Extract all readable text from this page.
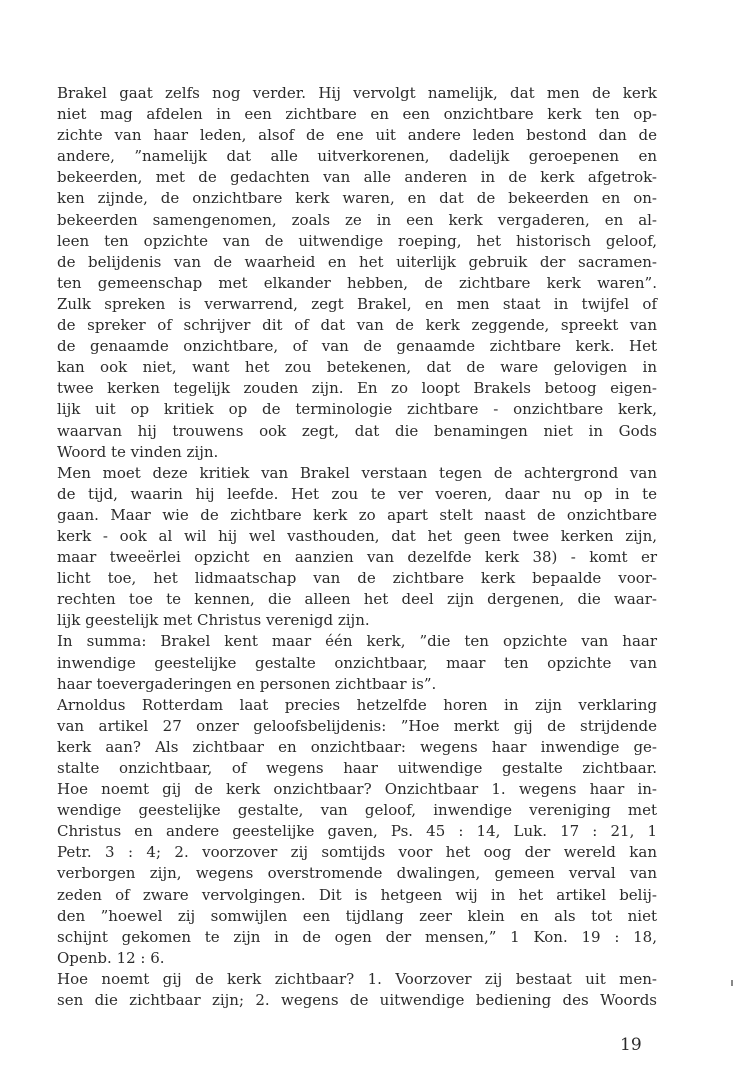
Brakel gaat zelfs nog verder. Hij vervolgt namelijk, dat men de kerk

niet mag afdelen in een zichtbare en een onzichtbare kerk ten op-

zichte van haar leden, alsof de ene uit andere leden bestond dan de

andere, ”namelijk dat alle uitverkorenen, dadelijk geroepenen en

bekeerden, met de gedachten van alle anderen in de kerk afgetrok-

ken zijnde, de onzichtbare kerk waren, en dat de bekeerden en on-

bekeerden samengenomen, zoals ze in een kerk vergaderen, en al-

leen ten opzichte van de uitwendige roeping, het historisch geloof,

de belijdenis van de waarheid en het uiterlijk gebruik der sacramen-

ten gemeenschap met elkander hebben, de zichtbare kerk waren”.

Zulk spreken is verwarrend, zegt Brakel, en men staat in twijfel of

de spreker of schrijver dit of dat van de kerk zeggende, spreekt van

de genaamde onzichtbare, of van de genaamde zichtbare kerk. Het

kan ook niet, want het zou betekenen, dat de ware gelovigen in

twee kerken tegelijk zouden zijn. En zo loopt Brakels betoog eigen-

lijk uit op kritiek op de terminologie zichtbare - onzichtbare kerk,

waarvan hij trouwens ook zegt, dat die benamingen niet in Gods

Woord te vinden zijn.

Men moet deze kritiek van Brakel verstaan tegen de achtergrond van

de tijd, waarin hij leefde. Het zou te ver voeren, daar nu op in te

gaan. Maar wie de zichtbare kerk zo apart stelt naast de onzichtbare

kerk - ook al wil hij wel vasthouden, dat het geen twee kerken zijn,

maar tweeërlei opzicht en aanzien van dezelfde kerk 38) - komt er

licht toe, het lidmaatschap van de zichtbare kerk bepaalde voor-

rechten toe te kennen, die alleen het deel zijn dergenen, die waar-

lijk geestelijk met Christus verenigd zijn.

In summa: Brakel kent maar één kerk, ”die ten opzichte van haar

inwendige geestelijke gestalte onzichtbaar, maar ten opzichte van

haar toevergaderingen en personen zichtbaar is”.

Arnoldus Rotterdam laat precies hetzelfde horen in zijn verklaring

van artikel 27 onzer geloofsbelijdenis: ”Hoe merkt gij de strijdende

kerk aan? Als zichtbaar en onzichtbaar: wegens haar inwendige ge-

stalte onzichtbaar, of wegens haar uitwendige gestalte zichtbaar.

Hoe noemt gij de kerk onzichtbaar? Onzichtbaar 1. wegens haar in-

wendige geestelijke gestalte, van geloof, inwendige vereniging met

Christus en andere geestelijke gaven, Ps. 45 : 14, Luk. 17 : 21, 1

Petr. 3 : 4; 2. voorzover zij somtijds voor het oog der wereld kan

verborgen zijn, wegens overstromende dwalingen, gemeen verval van

zeden of zware vervolgingen. Dit is hetgeen wij in het artikel belij-

den ”hoewel zij somwijlen een tijdlang zeer klein en als tot niet

schijnt gekomen te zijn in de ogen der mensen,” 1 Kon. 19 : 18,

Openb. 12 : 6.

Hoe noemt gij de kerk zichtbaar? 1. Voorzover zij bestaat uit men-

sen die zichtbaar zijn; 2. wegens de uitwendige bediening des Woords

19
